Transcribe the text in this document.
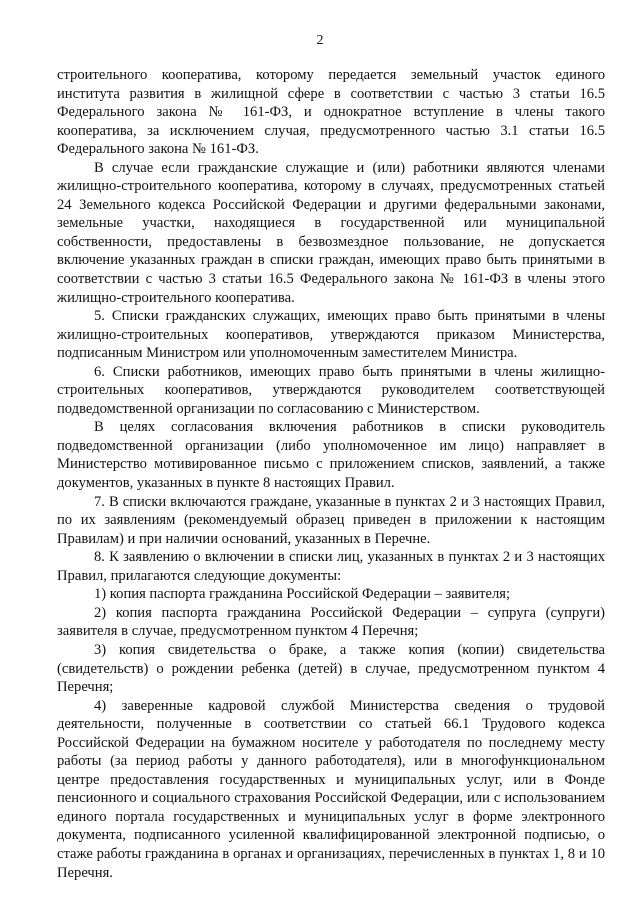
2

строительного кооператива, которому передается земельный участок единого института развития в жилищной сфере в соответствии с частью 3 статьи 16.5 Федерального закона № 161-ФЗ, и однократное вступление в члены такого кооператива, за исключением случая, предусмотренного частью 3.1 статьи 16.5 Федерального закона № 161-ФЗ.

В случае если гражданские служащие и (или) работники являются членами жилищно-строительного кооператива, которому в случаях, предусмотренных статьей 24 Земельного кодекса Российской Федерации и другими федеральными законами, земельные участки, находящиеся в государственной или муниципальной собственности, предоставлены в безвозмездное пользование, не допускается включение указанных граждан в списки граждан, имеющих право быть принятыми в соответствии с частью 3 статьи 16.5 Федерального закона № 161-ФЗ в члены этого жилищно-строительного кооператива.

5. Списки гражданских служащих, имеющих право быть принятыми в члены жилищно-строительных кооперативов, утверждаются приказом Министерства, подписанным Министром или уполномоченным заместителем Министра.

6. Списки работников, имеющих право быть принятыми в члены жилищно-строительных кооперативов, утверждаются руководителем соответствующей подведомственной организации по согласованию с Министерством.

В целях согласования включения работников в списки руководитель подведомственной организации (либо уполномоченное им лицо) направляет в Министерство мотивированное письмо с приложением списков, заявлений, а также документов, указанных в пункте 8 настоящих Правил.

7. В списки включаются граждане, указанные в пунктах 2 и 3 настоящих Правил, по их заявлениям (рекомендуемый образец приведен в приложении к настоящим Правилам) и при наличии оснований, указанных в Перечне.

8. К заявлению о включении в списки лиц, указанных в пунктах 2 и 3 настоящих Правил, прилагаются следующие документы:

1) копия паспорта гражданина Российской Федерации – заявителя;

2) копия паспорта гражданина Российской Федерации – супруга (супруги) заявителя в случае, предусмотренном пунктом 4 Перечня;

3) копия свидетельства о браке, а также копия (копии) свидетельства (свидетельств) о рождении ребенка (детей) в случае, предусмотренном пунктом 4 Перечня;

4) заверенные кадровой службой Министерства сведения о трудовой деятельности, полученные в соответствии со статьей 66.1 Трудового кодекса Российской Федерации на бумажном носителе у работодателя по последнему месту работы (за период работы у данного работодателя), или в многофункциональном центре предоставления государственных и муниципальных услуг, или в Фонде пенсионного и социального страхования Российской Федерации, или с использованием единого портала государственных и муниципальных услуг в форме электронного документа, подписанного усиленной квалифицированной электронной подписью, о стаже работы гражданина в органах и организациях, перечисленных в пунктах 1, 8 и 10 Перечня.
